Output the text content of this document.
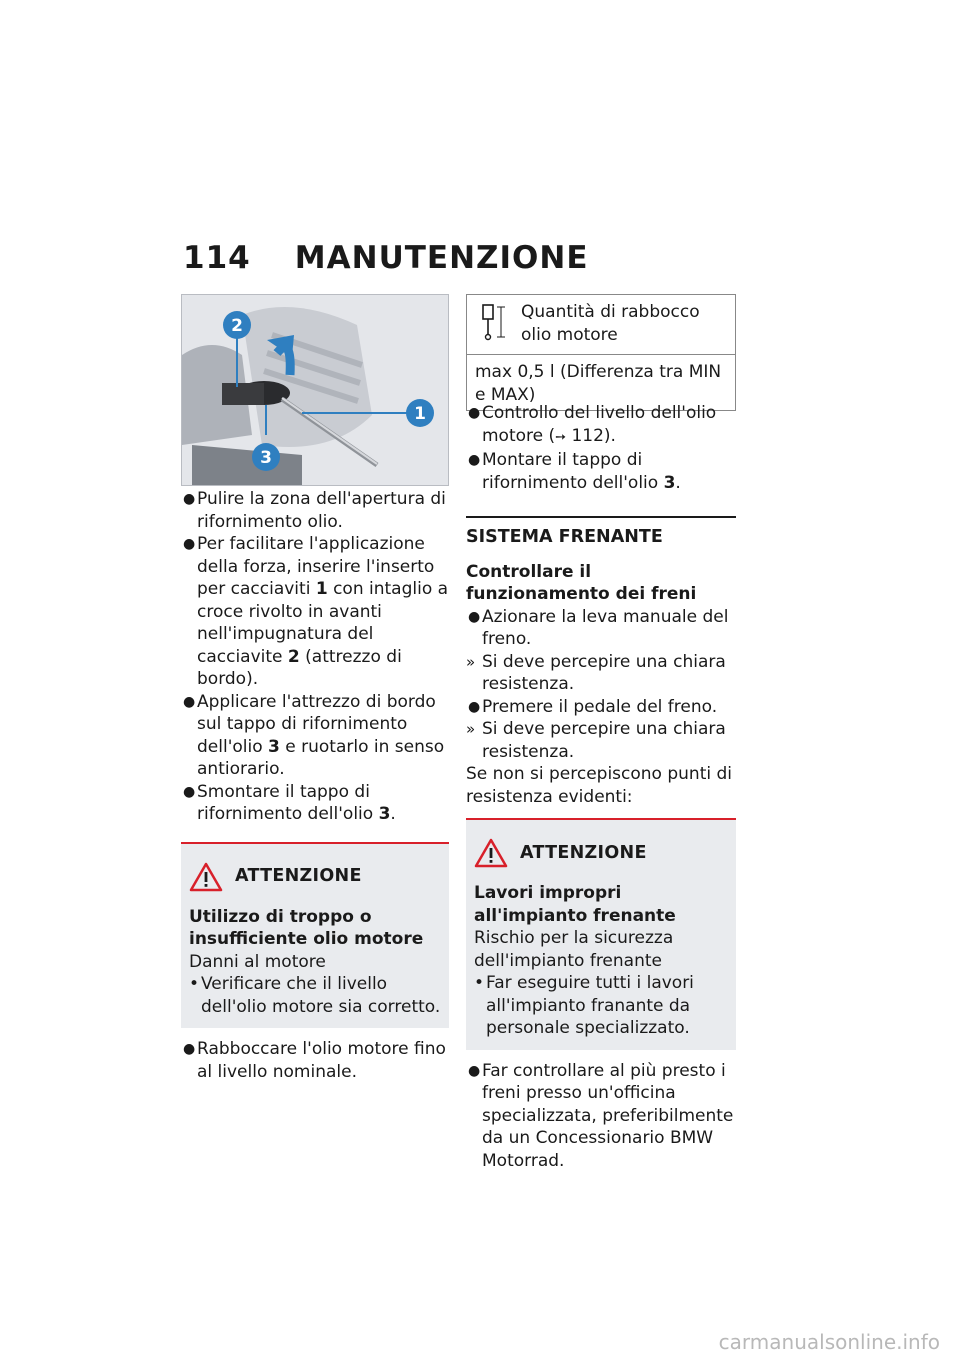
114 MANUTENZIONE
2
1
3
● Pulire la zona dell'apertura di rifornimento olio.
● Per facilitare l'applicazione della forza, inserire l'inserto per cacciaviti 1 con intaglio a croce rivolto in avanti nell'impugnatura del cacciavite 2 (attrezzo di bordo).
● Applicare l'attrezzo di bordo sul tappo di rifornimento dell'olio 3 e ruotarlo in senso antiorario.
● Smontare il tappo di rifornimento dell'olio 3.
ATTENZIONE
Utilizzo di troppo o insufficiente olio motore
Danni al motore
• Verificare che il livello dell'olio motore sia corretto.
● Rabboccare l'olio motore fino al livello nominale.
Quantità di rabbocco olio motore
max 0,5 l (Differenza tra MIN e MAX)
● Controllo del livello dell'olio motore (➙ 112).
● Montare il tappo di rifornimento dell'olio 3.
SISTEMA FRENANTE
Controllare il funzionamento dei freni
● Azionare la leva manuale del freno.
» Si deve percepire una chiara resistenza.
● Premere il pedale del freno.
» Si deve percepire una chiara resistenza.
Se non si percepiscono punti di resistenza evidenti:
ATTENZIONE
Lavori impropri all'impianto frenante
Rischio per la sicurezza dell'impianto frenante
• Far eseguire tutti i lavori all'impianto franante da personale specializzato.
● Far controllare al più presto i freni presso un'officina specializzata, preferibilmente da un Concessionario BMW Motorrad.
carmanualsonline.info
